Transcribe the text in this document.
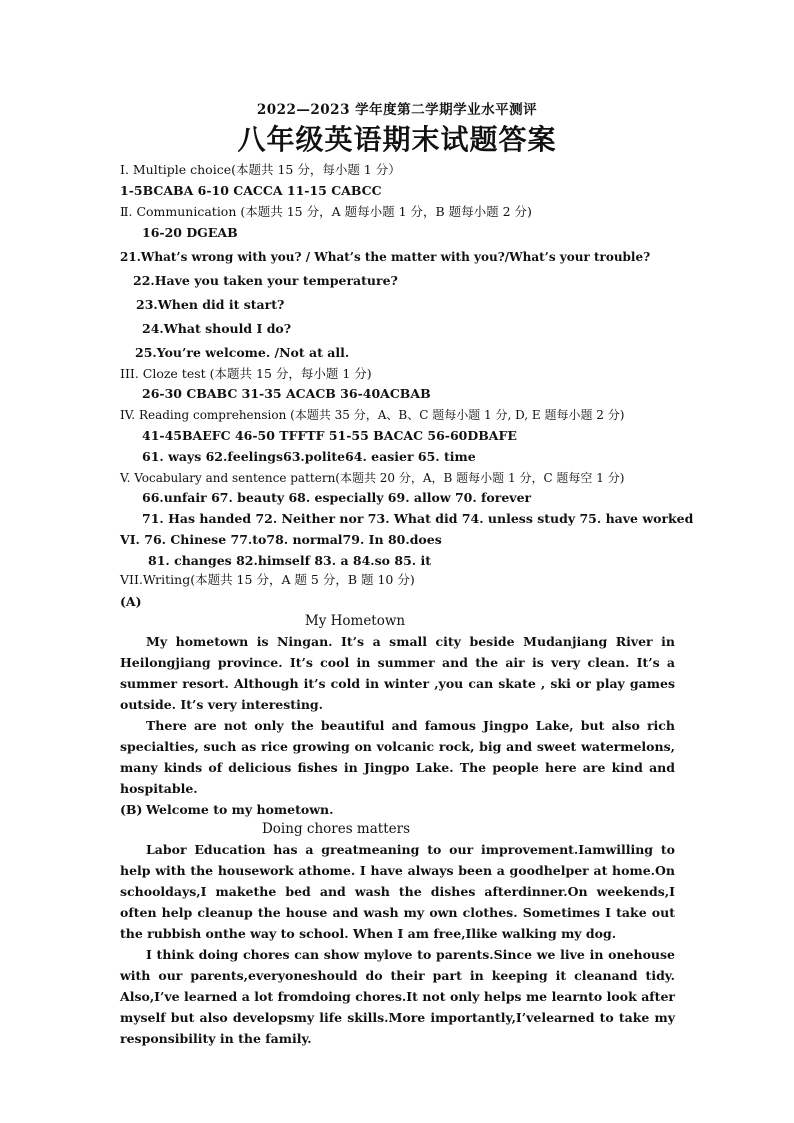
2022—2023 学年度第二学期学业水平测评
八年级英语期末试题答案
I. Multiple choice(本题共 15 分，每小题 1 分）
1-5BCABA 6-10 CACCA 11-15 CABCC
Ⅱ. Communication (本题共 15 分，A 题每小题 1 分，B 题每小题 2 分)
16-20 DGEAB
21.What’s wrong with you? / What’s the matter with you?/What’s your trouble?
22.Have you taken your temperature?
23.When did it start?
24.What should I do?
25.You’re welcome. /Not at all.
III. Cloze test (本题共 15 分，每小题 1 分)
26-30 CBABC 31-35 ACACB 36-40ACBAB
IV. Reading comprehension (本题共 35 分，A、B、C 题每小题 1 分, D, E 题每小题 2 分)
41-45BAEFC 46-50 TFFTF 51-55 BACAC 56-60DBAFE
61. ways 62.feelings63.polite64. easier 65. time
V. Vocabulary and sentence pattern(本题共 20 分，A，B 题每小题 1 分，C 题每空 1 分)
66.unfair 67. beauty 68. especially 69. allow 70. forever
71. Has handed 72. Neither nor 73. What did 74. unless study 75. have worked
VI. 76. Chinese 77.to78. normal79. In 80.does
81. changes 82.himself 83. a 84.so 85. it
VII.Writing(本题共 15 分，A 题 5 分，B 题 10 分)
(A)
My Hometown

My hometown is Ningan. It’s a small city beside Mudanjiang River in Heilongjiang province. It’s cool in summer and the air is very clean. It’s a summer resort. Although it’s cold in winter ,you can skate , ski or play games outside. It’s very interesting.

There are not only the beautiful and famous Jingpo Lake, but also rich specialties, such as rice growing on volcanic rock, big and sweet watermelons, many kinds of delicious fishes in Jingpo Lake. The people here are kind and hospitable.

Welcome to my hometown.

(B)
Doing chores matters

Labor Education has a greatmeaning to our improvement.Iamwilling to help with the housework athome. I have always been a goodhelper at home.On schooldays,I makethe bed and wash the dishes afterdinner.On weekends,I often help cleanup the house and wash my own clothes. Sometimes I take out the rubbish onthe way to school. When I am free,Ilike walking my dog.

I think doing chores can show mylove to parents.Since we live in onehouse with our parents,everyoneshould do their part in keeping it cleanand tidy. Also,I’ve learned a lot fromdoing chores.It not only helps me learnto look after myself but also developsmy life skills.More importantly,I’velearned to take my responsibility in the family.
